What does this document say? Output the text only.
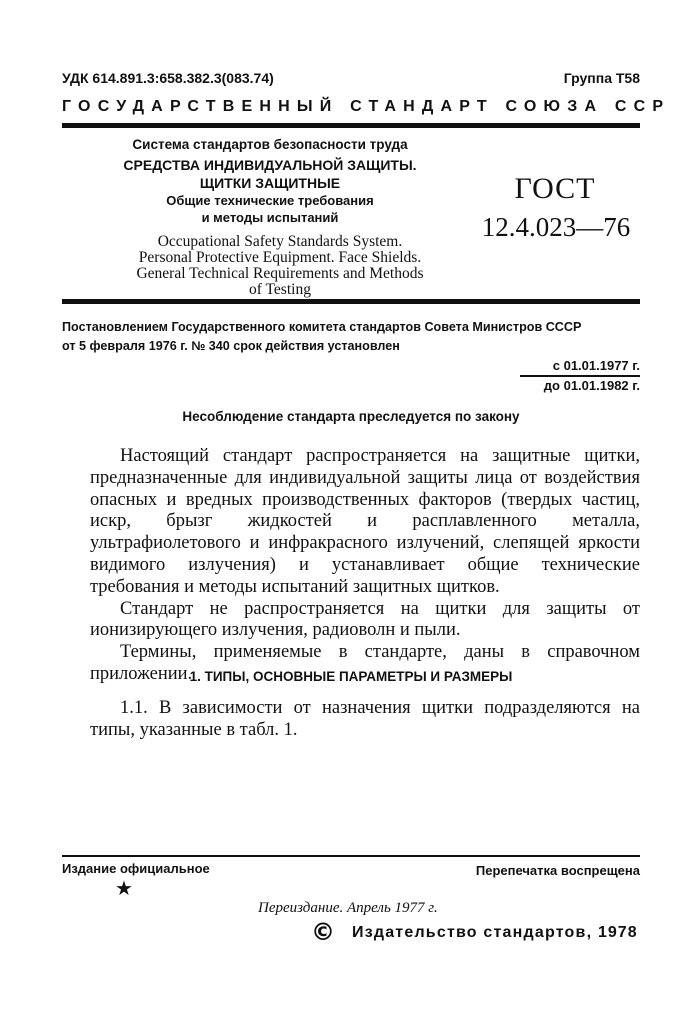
УДК 614.891.3:658.382.3(083.74)	Группа Т58
ГОСУДАРСТВЕННЫЙ СТАНДАРТ СОЮЗА ССР
Система стандартов безопасности труда
СРЕДСТВА ИНДИВИДУАЛЬНОЙ ЗАЩИТЫ.
ЩИТКИ ЗАЩИТНЫЕ
Общие технические требования
и методы испытаний
Occupational Safety Standards System.
Personal Protective Equipment. Face Shields.
General Technical Requirements and Methods
of Testing
ГОСТ
12.4.023—76
Постановлением Государственного комитета стандартов Совета Министров СССР
от 5 февраля 1976 г. № 340 срок действия установлен
с 01.01.1977 г.
до 01.01.1982 г.
Несоблюдение стандарта преследуется по закону

Настоящий стандарт распространяется на защитные щитки, предназначенные для индивидуальной защиты лица от воздействия опасных и вредных производственных факторов (твердых частиц, искр, брызг жидкостей и расплавленного металла, ультрафиолетового и инфракрасного излучений, слепящей яркости видимого излучения) и устанавливает общие технические требования и методы испытаний защитных щитков.

Стандарт не распространяется на щитки для защиты от ионизирующего излучения, радиоволн и пыли.

Термины, применяемые в стандарте, даны в справочном приложении.

1. ТИПЫ, ОСНОВНЫЕ ПАРАМЕТРЫ И РАЗМЕРЫ

1.1. В зависимости от назначения щитки подразделяются на типы, указанные в табл. 1.

Издание официальное	Перепечатка воспрещена
★
Переиздание. Апрель 1977 г.
© Издательство стандартов, 1978
